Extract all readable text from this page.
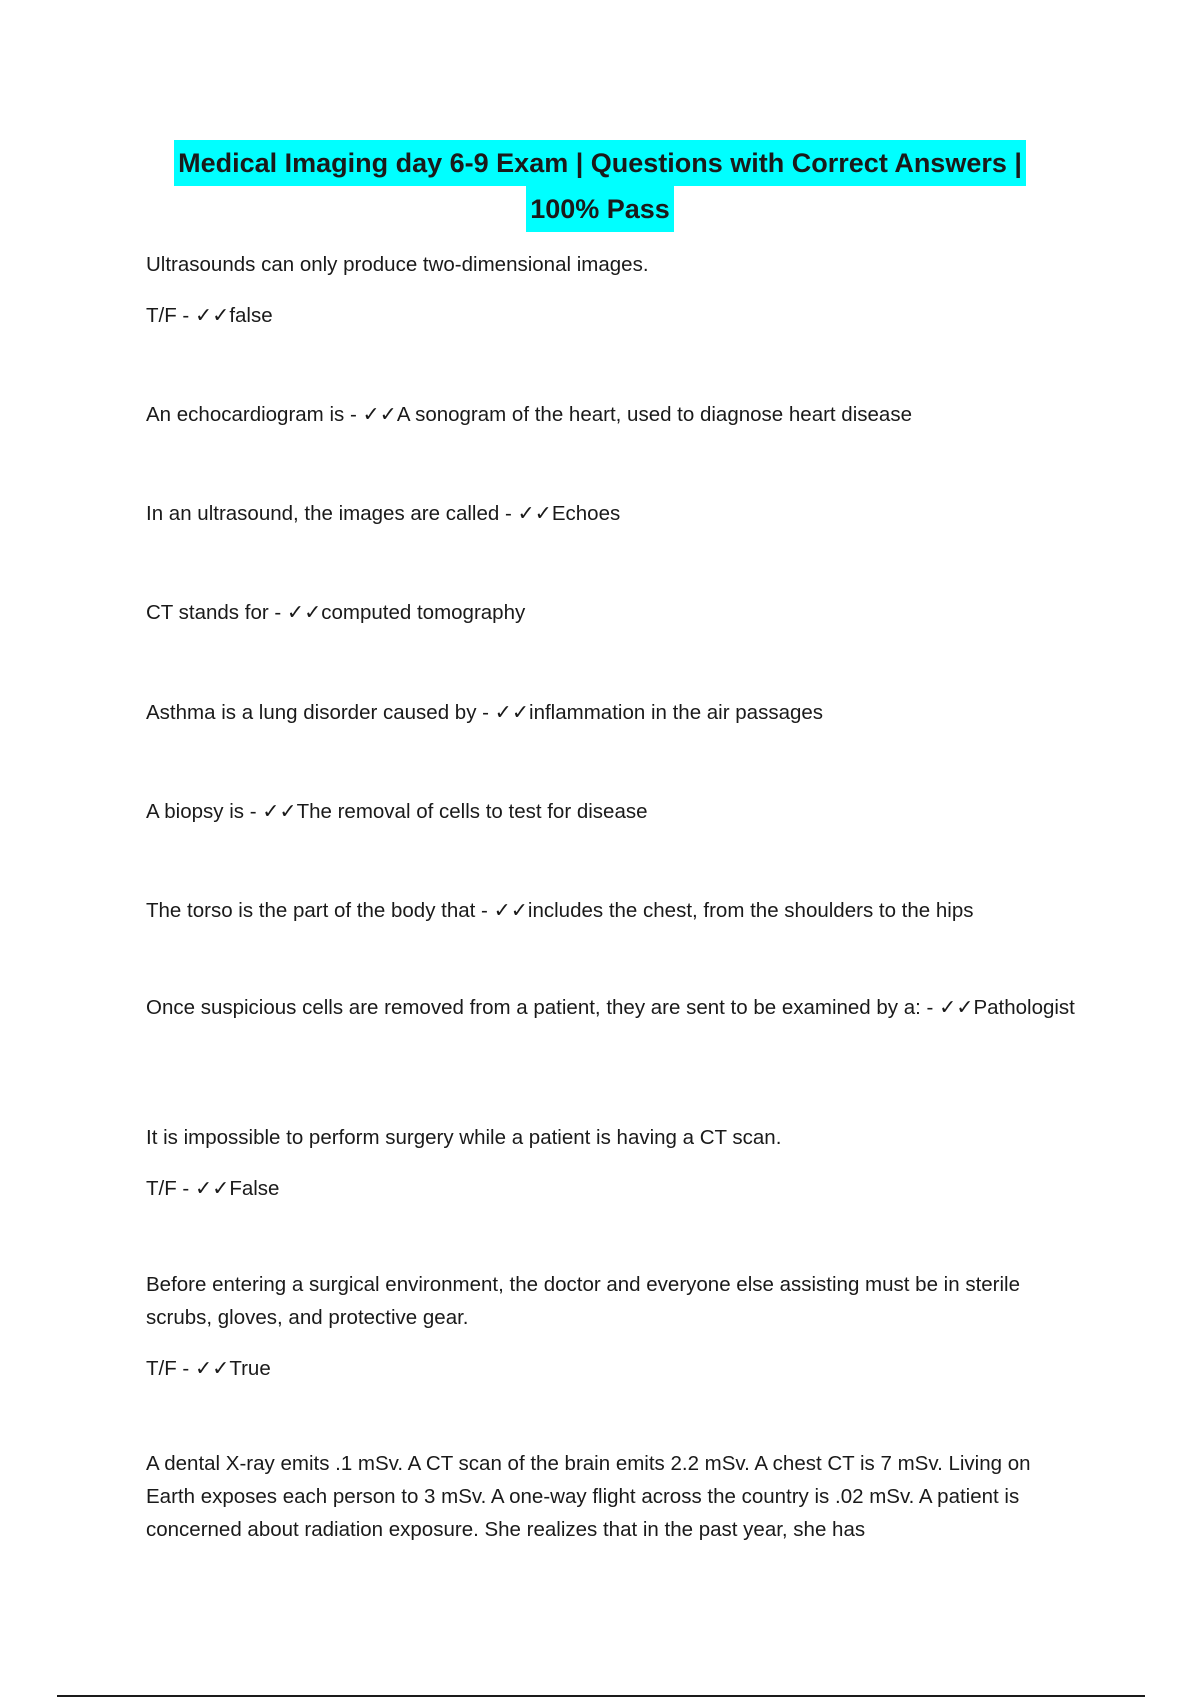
Medical Imaging day 6-9 Exam | Questions with Correct Answers |
100% Pass

Ultrasounds can only produce two-dimensional images.

T/F - ✓✓false

An echocardiogram is - ✓✓A sonogram of the heart, used to diagnose heart disease

In an ultrasound, the images are called - ✓✓Echoes

CT stands for - ✓✓computed tomography

Asthma is a lung disorder caused by - ✓✓inflammation in the air passages

A biopsy is - ✓✓The removal of cells to test for disease

The torso is the part of the body that - ✓✓includes the chest, from the shoulders to the hips

Once suspicious cells are removed from a patient, they are sent to be examined by a: - ✓✓Pathologist

It is impossible to perform surgery while a patient is having a CT scan.

T/F - ✓✓False

Before entering a surgical environment, the doctor and everyone else assisting must be in sterile scrubs, gloves, and protective gear.

T/F - ✓✓True

A dental X-ray emits .1 mSv. A CT scan of the brain emits 2.2 mSv. A chest CT is 7 mSv. Living on Earth exposes each person to 3 mSv. A one-way flight across the country is .02 mSv. A patient is concerned about radiation exposure. She realizes that in the past year, she has
